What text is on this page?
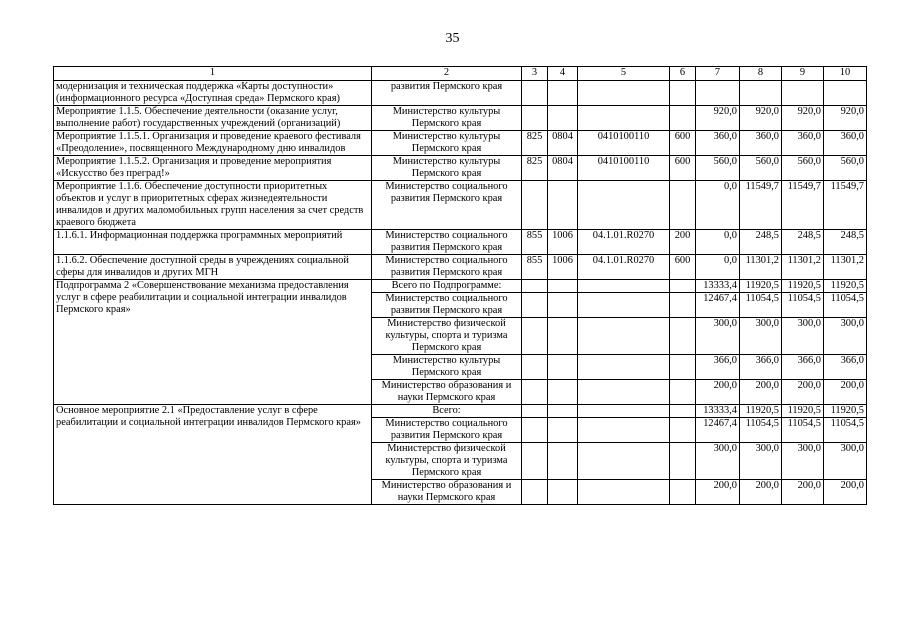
35
1	2	3	4	5	6	7	8	9	10
модернизация и техническая поддержка «Карты доступности» (информационного ресурса «Доступная среда» Пермского края)	развития Пермского края								
Мероприятие 1.1.5. Обеспечение деятельности (оказание услуг, выполнение работ) государственных учреждений (организаций)	Министерство культуры Пермского края					920,0	920,0	920,0	920,0
Мероприятие 1.1.5.1. Организация и проведение краевого фестиваля «Преодоление», посвященного Международному дню инвалидов	Министерство культуры Пермского края	825	0804	0410100110	600	360,0	360,0	360,0	360,0
Мероприятие 1.1.5.2. Организация и проведение мероприятия «Искусство без преград!»	Министерство культуры Пермского края	825	0804	0410100110	600	560,0	560,0	560,0	560,0
Мероприятие 1.1.6. Обеспечение доступности приоритетных объектов и услуг в приоритетных сферах жизнедеятельности инвалидов и других маломобильных групп населения за счет средств краевого бюджета	Министерство социального развития Пермского края					0,0	11549,7	11549,7	11549,7
1.1.6.1. Информационная поддержка программных мероприятий	Министерство социального развития Пермского края	855	1006	04.1.01.R0270	200	0,0	248,5	248,5	248,5
1.1.6.2. Обеспечение доступной среды в учреждениях социальной сферы для инвалидов и других МГН	Министерство социального развития Пермского края	855	1006	04.1.01.R0270	600	0,0	11301,2	11301,2	11301,2
Подпрограмма 2 «Совершенствование механизма предоставления услуг в сфере реабилитации и социальной интеграции инвалидов Пермского края»	Всего по Подпрограмме:					13333,4	11920,5	11920,5	11920,5
	Министерство социального развития Пермского края					12467,4	11054,5	11054,5	11054,5
	Министерство физической культуры, спорта и туризма Пермского края					300,0	300,0	300,0	300,0
	Министерство культуры Пермского края					366,0	366,0	366,0	366,0
	Министерство образования и науки Пермского края					200,0	200,0	200,0	200,0
Основное мероприятие 2.1 «Предоставление услуг в сфере реабилитации и социальной интеграции инвалидов Пермского края»	Всего:					13333,4	11920,5	11920,5	11920,5
	Министерство социального развития Пермского края					12467,4	11054,5	11054,5	11054,5
	Министерство физической культуры, спорта и туризма Пермского края					300,0	300,0	300,0	300,0
	Министерство образования и науки Пермского края					200,0	200,0	200,0	200,0
